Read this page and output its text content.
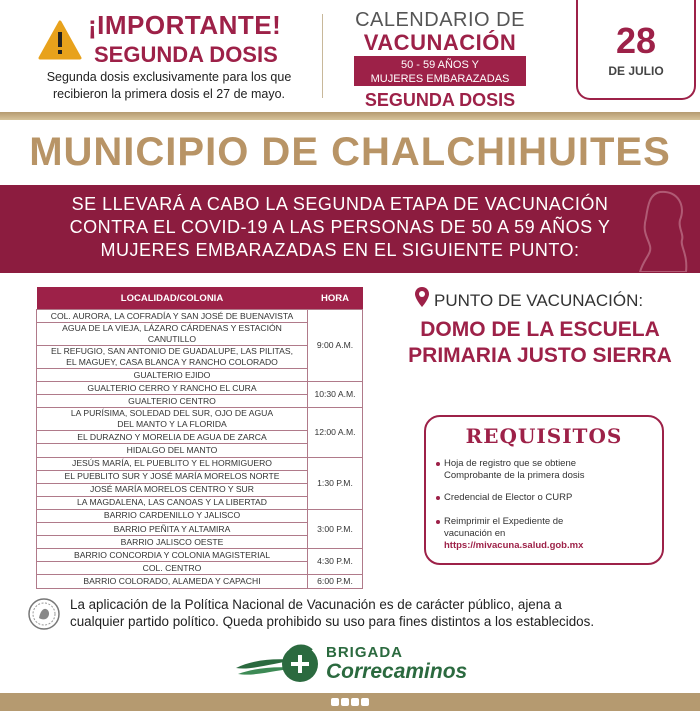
¡IMPORTANTE!
SEGUNDA DOSIS
Segunda dosis exclusivamente para los que
recibieron la primera dosis el 27 de mayo.
CALENDARIO DE
VACUNACIÓN
50 - 59 AÑOS Y
MUJERES EMBARAZADAS
SEGUNDA DOSIS
28
DE JULIO
MUNICIPIO DE CHALCHIHUITES
SE LLEVARÁ A CABO LA SEGUNDA ETAPA DE VACUNACIÓN
CONTRA EL COVID-19 A LAS PERSONAS DE 50 A 59 AÑOS Y
MUJERES EMBARAZADAS EN EL SIGUIENTE PUNTO:
LOCALIDAD/COLONIA	HORA
COL. AURORA, LA COFRADÍA Y SAN JOSÉ DE BUENAVISTA	9:00 A.M.
AGUA DE LA VIEJA, LÁZARO CÁRDENAS Y ESTACIÓN CANUTILLO	

EL REFUGIO, SAN ANTONIO DE GUADALUPE, LAS PILITAS,
EL MAGUEY, CASA BLANCA Y RANCHO COLORADO	

GUALTERIO EJIDO	
GUALTERIO CERRO Y RANCHO EL CURA	10:30 A.M.
GUALTERIO CENTRO	

LA PURÍSIMA, SOLEDAD DEL SUR, OJO DE AGUA
DEL MANTO Y LA FLORIDA	12:00 A.M.
EL DURAZNO Y MORELIA DE AGUA DE ZARCA	
HIDALGO DEL MANTO	
JESÚS MARÍA, EL PUEBLITO Y EL HORMIGUERO	1:30 P.M.
EL PUEBLITO SUR Y JOSÉ MARÍA MORELOS NORTE	
JOSÉ MARÍA MORELOS CENTRO Y SUR	
LA MAGDALENA, LAS CANOAS Y LA LIBERTAD	
BARRIO CARDENILLO Y JALISCO	3:00 P.M.
BARRIO PEÑITA Y ALTAMIRA	
BARRIO JALISCO OESTE	
BARRIO CONCORDIA Y COLONIA MAGISTERIAL	4:30 P.M.
COL. CENTRO	
BARRIO COLORADO, ALAMEDA Y CAPACHI	6:00 P.M.
PUNTO DE VACUNACIÓN:
DOMO DE LA ESCUELA
PRIMARIA JUSTO SIERRA
REQUISITOS
Hoja de registro que se obtiene
Comprobante de la primera dosis
Credencial de Elector o CURP
Reimprimir el Expediente de
vacunación en
https://mivacuna.salud.gob.mx
La aplicación de la Política Nacional de Vacunación es de carácter público, ajena a
cualquier partido político. Queda prohibido su uso para fines distintos a los establecidos.
BRIGADA
Correcaminos
